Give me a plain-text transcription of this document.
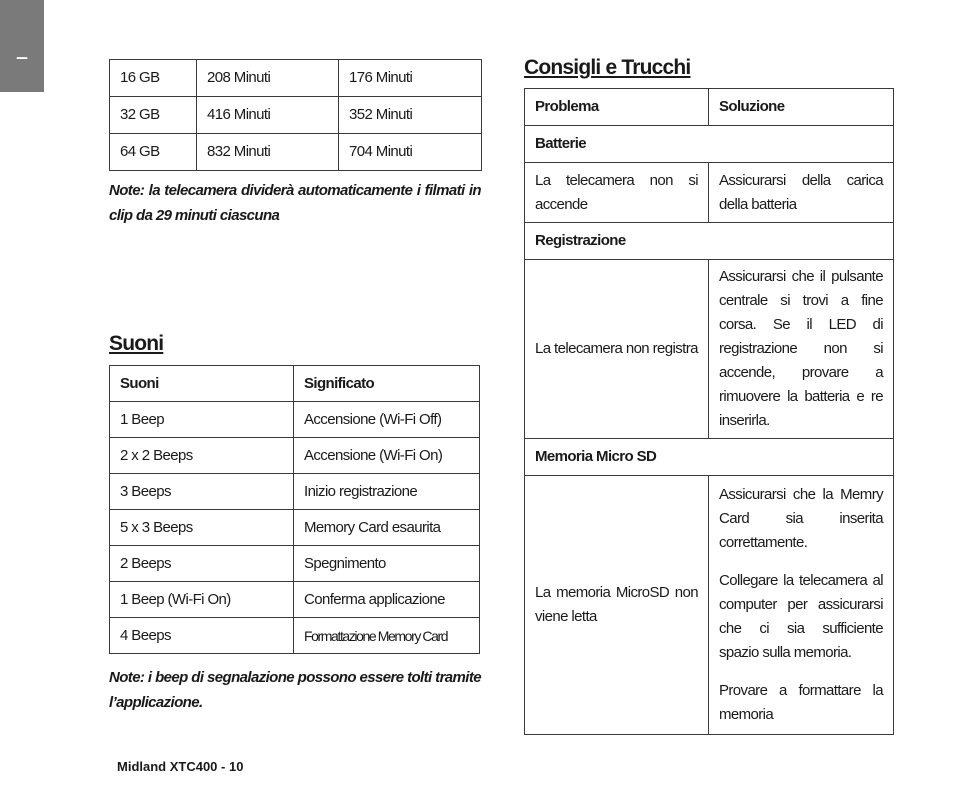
–
16 GB	208 Minuti	176 Minuti
32 GB	416 Minuti	352 Minuti
64 GB	832 Minuti	704 Minuti

Note: la telecamera dividerà automaticamente i filmati in clip da 29 minuti ciascuna

Suoni
Suoni	Significato
1 Beep	Accensione (Wi-Fi Off)
2 x 2 Beeps	Accensione (Wi-Fi On)
3 Beeps	Inizio registrazione
5 x 3 Beeps	Memory Card esaurita
2 Beeps	Spegnimento
1 Beep (Wi-Fi On)	Conferma applicazione
4 Beeps	Formattazione Memory Card

Note: i beep di segnalazione possono essere tolti tramite l’applicazione.

Consigli e Trucchi
Problema	Soluzione
Batterie	
La telecamera non si accende	Assicurarsi della carica della batteria

Registrazione	
La telecamera non registra	Assicurarsi che il pulsante centrale si trovi a fine corsa. Se il LED di registrazione non si accende, provare a rimuovere la batteria e re inserirla.

Memoria Micro SD	
La memoria MicroSD non viene letta	Assicurarsi che la Memry Card sia inserita correttamente.

Collegare la telecamera al computer per assicurarsi che ci sia sufficiente spazio sulla memoria.

Provare a formattare la memoria

Midland XTC400 - 10
